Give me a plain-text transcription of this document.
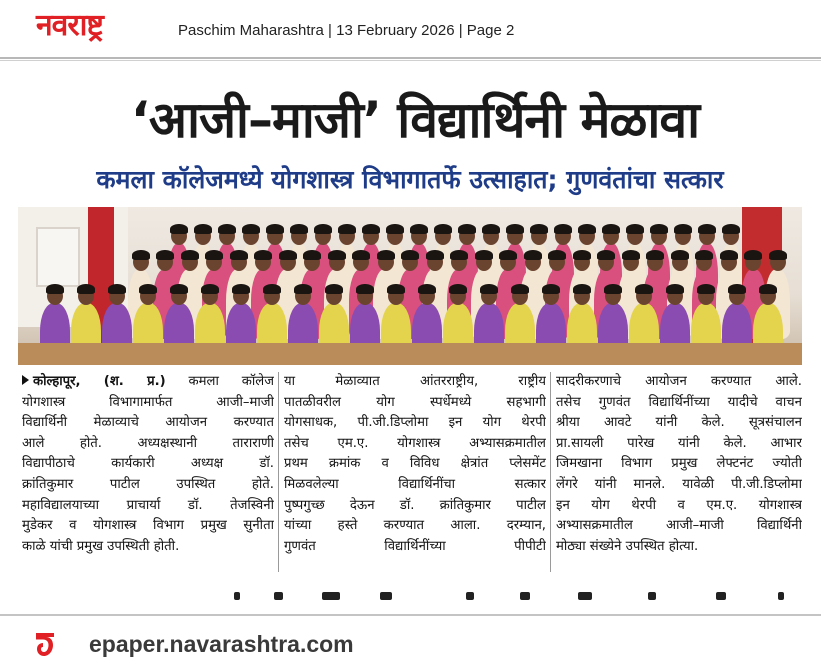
नवराष्ट्र	Paschim Maharashtra | 13 February 2026 | Page 2
‘आजी–माजी’ विद्यार्थिनी मेळावा
कमला कॉलेजमध्ये योगशास्त्र विभागातर्फे उत्साहात; गुणवंतांचा सत्कार

कोल्हापूर, (श. प्र.) कमला कॉलेज

योगशास्त्र विभागामार्फत आजी–माजी

विद्यार्थिनी मेळाव्याचे आयोजन करण्यात

आले होते. अध्यक्षस्थानी ताराराणी

विद्यापीठाचे कार्यकारी अध्यक्ष डॉ.

क्रांतिकुमार पाटील उपस्थित होते.

महाविद्यालयाच्या प्राचार्या डॉ. तेजस्विनी

मुडेकर व योगशास्त्र विभाग प्रमुख सुनीता

काळे यांची प्रमुख उपस्थिती होती.

या मेळाव्यात आंतरराष्ट्रीय, राष्ट्रीय

पातळीवरील योग स्पर्धेमध्ये सहभागी

योगसाधक, पी.जी.डिप्लोमा इन योग थेरपी

तसेच एम.ए. योगशास्त्र अभ्यासक्रमातील

प्रथम क्रमांक व विविध क्षेत्रांत प्लेसमेंट

मिळवलेल्या विद्यार्थिनींचा सत्कार

पुष्पगुच्छ देऊन डॉ. क्रांतिकुमार पाटील

यांच्या हस्ते करण्यात आला. दरम्यान,

गुणवंत विद्यार्थिनींच्या पीपीटी

सादरीकरणाचे आयोजन करण्यात आले.

तसेच गुणवंत विद्यार्थिनींच्या यादीचे वाचन

श्रीया आवटे यांनी केले. सूत्रसंचालन

प्रा.सायली पारेख यांनी केले. आभार

जिमखाना विभाग प्रमुख लेफ्टनंट ज्योती

लेंगरे यांनी मानले. यावेळी पी.जी.डिप्लोमा

इन योग थेरपी व एम.ए. योगशास्त्र

अभ्यासक्रमातील आजी–माजी विद्यार्थिनी

मोठ्या संख्येने उपस्थित होत्या.

epaper.navarashtra.com
